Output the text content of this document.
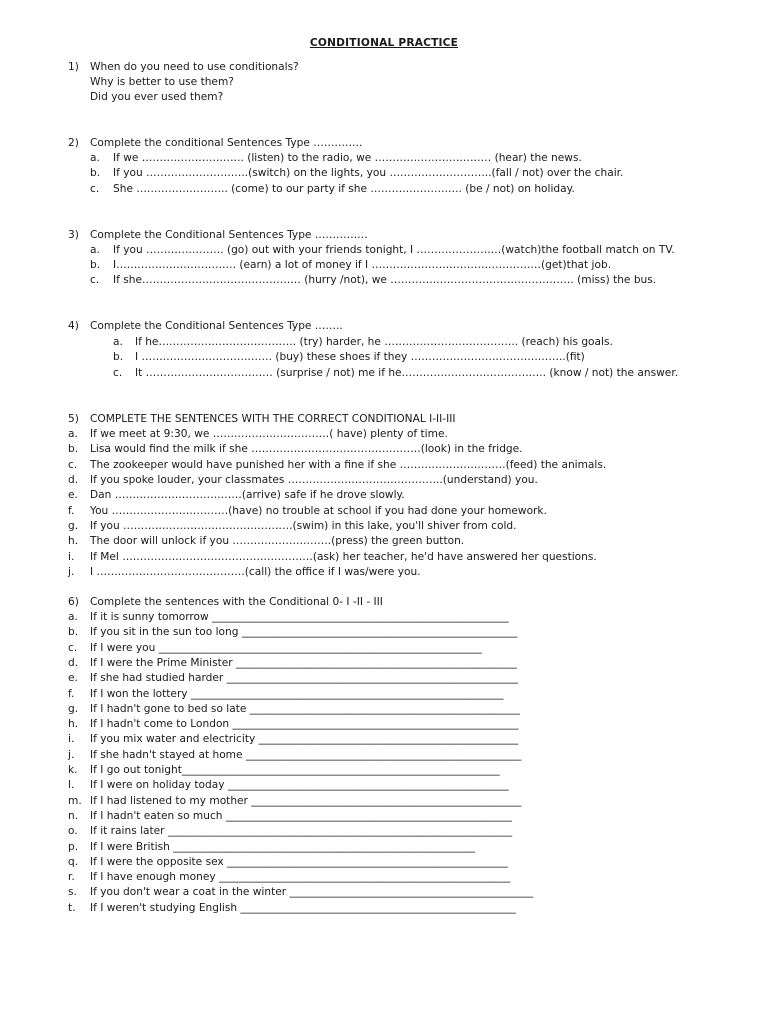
CONDITIONAL PRACTICE
1) When do you need to use conditionals?
Why is better to use them?
Did you ever used them?
2) Complete the conditional Sentences Type …………..
a. If we ……………………….. (listen) to the radio, we …………………………… (hear) the news.
b. If you ………………………..(switch) on the lights, you ………………………..(fall / not) over the chair.
c. She …………………….. (come) to our party if she …………………….. (be / not) on holiday.
3) Complete the Conditional Sentences Type ……………
a. If you …………………. (go) out with your friends tonight, I ……………………(watch)the football match on TV.
b. I……………………………. (earn) a lot of money if I …………………………………………(get)that job.
c. If she……………………………………… (hurry /not), we ……………………………………………. (miss) the bus.
4) Complete the Conditional Sentences Type ……..
a. If he………………………………… (try) harder, he ……………………………….. (reach) his goals.
b. I ………………………………. (buy) these shoes if they ……………………………………..(fit)
c. It ……………………………… (surprise / not) me if he………………………………….. (know / not) the answer.
5) COMPLETE THE SENTENCES WITH THE CORRECT CONDITIONAL I-II-III
a. If we meet at 9:30, we ……………………………( have) plenty of time.
b. Lisa would find the milk if she …………………………………………(look) in the fridge.
c. The zookeeper would have punished her with a fine if she …………………………(feed) the animals.
d. If you spoke louder, your classmates ……………………………………..(understand) you.
e. Dan ………………………………(arrive) safe if he drove slowly.
f. You ……………………………(have) no trouble at school if you had done your homework.
g. If you …………………………………………(swim) in this lake, you'll shiver from cold.
h. The door will unlock if you ……………………….(press) the green button.
i. If Mel ………………………………………………(ask) her teacher, he'd have answered her questions.
j. I ……………………………………(call) the office if I was/were you.
6) Complete the sentences with the Conditional 0- I -II - III
a. If it is sunny tomorrow ________________________________________________________
b. If you sit in the sun too long ____________________________________________________
c. If I were you _____________________________________________________________
d. If I were the Prime Minister _____________________________________________________
e. If she had studied harder _______________________________________________________
f. If I won the lottery ___________________________________________________________
g. If I hadn't gone to bed so late ___________________________________________________
h. If I hadn't come to London ______________________________________________________
i. If you mix water and electricity _________________________________________________
j. If she hadn't stayed at home ____________________________________________________
k. If I go out tonight____________________________________________________________
l. If I were on holiday today _____________________________________________________
m. If I had listened to my mother ___________________________________________________
n. If I hadn't eaten so much ______________________________________________________
o. If it rains later _________________________________________________________________
p. If I were British _________________________________________________________
q. If I were the opposite sex _____________________________________________________
r. If I have enough money _______________________________________________________
s. If you don't wear a coat in the winter ______________________________________________
t. If I weren't studying English ____________________________________________________
